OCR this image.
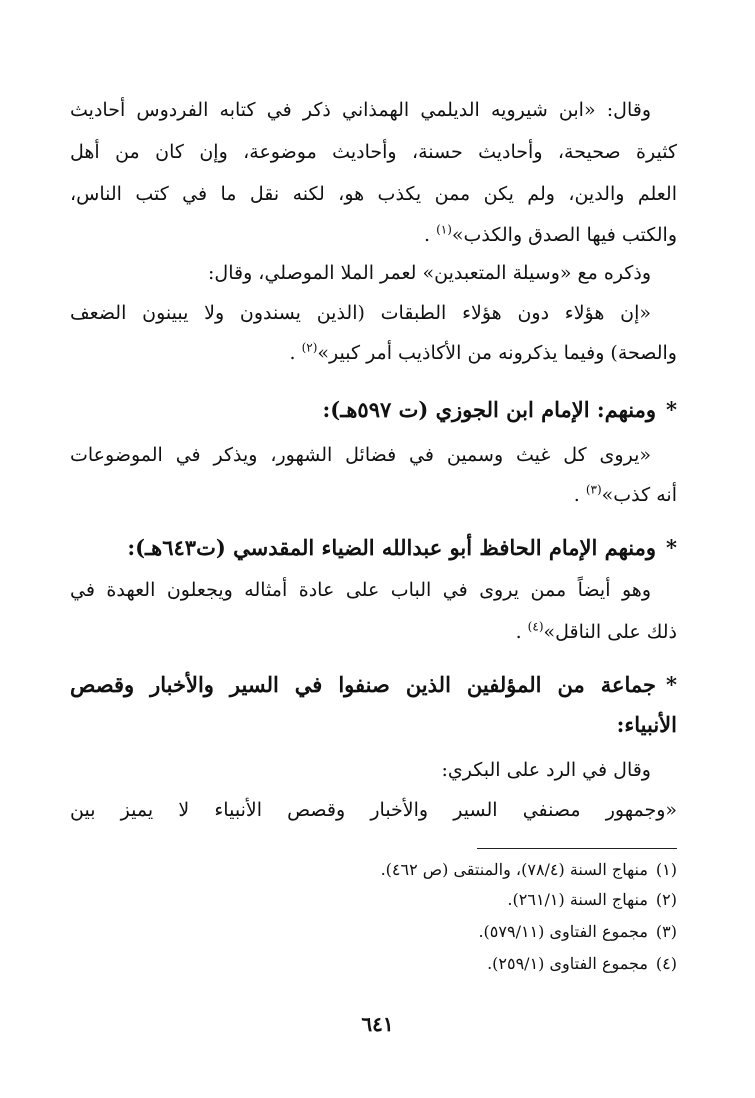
وقال: «ابن شيرويه الديلمي الهمذاني ذكر في كتابه الفردوس أحاديث
كثيرة صحيحة، وأحاديث حسنة، وأحاديث موضوعة، وإن كان من أهل
العلم والدين، ولم يكن ممن يكذب هو، لكنه نقل ما في كتب الناس،
والكتب فيها الصدق والكذب»$^{(١)}$ .
وذكره مع «وسيلة المتعبدين» لعمر الملا الموصلي، وقال:
«إن هؤلاء دون هؤلاء الطبقات (الذين يسندون ولا يبينون الضعف
والصحة) وفيما يذكرونه من الأكاذيب أمر كبير»$^{(٢)}$ .
*ومنهم: الإمام ابن الجوزي (ت ٥٩٧هـ):
«يروى كل غيث وسمين في فضائل الشهور، ويذكر في الموضوعات
أنه كذب»$^{(٣)}$ .
*ومنهم الإمام الحافظ أبو عبدالله الضياء المقدسي (ت٦٤٣هـ):
وهو أيضاً ممن يروى في الباب على عادة أمثاله ويجعلون العهدة في
ذلك على الناقل»$^{(٤)}$ .
*جماعة من المؤلفين الذين صنفوا في السير والأخبار وقصص
الأنبياء:
وقال في الرد على البكري:
«وجمهور مصنفي السير والأخبار وقصص الأنبياء لا يميز بين
(١)منهاج السنة (٧٨/٤)، والمنتقى (ص ٤٦٢).
(٢)منهاج السنة (٢٦١/١).
(٣)مجموع الفتاوى (٥٧٩/١١).
(٤)مجموع الفتاوى (٢٥٩/١).
٦٤١
